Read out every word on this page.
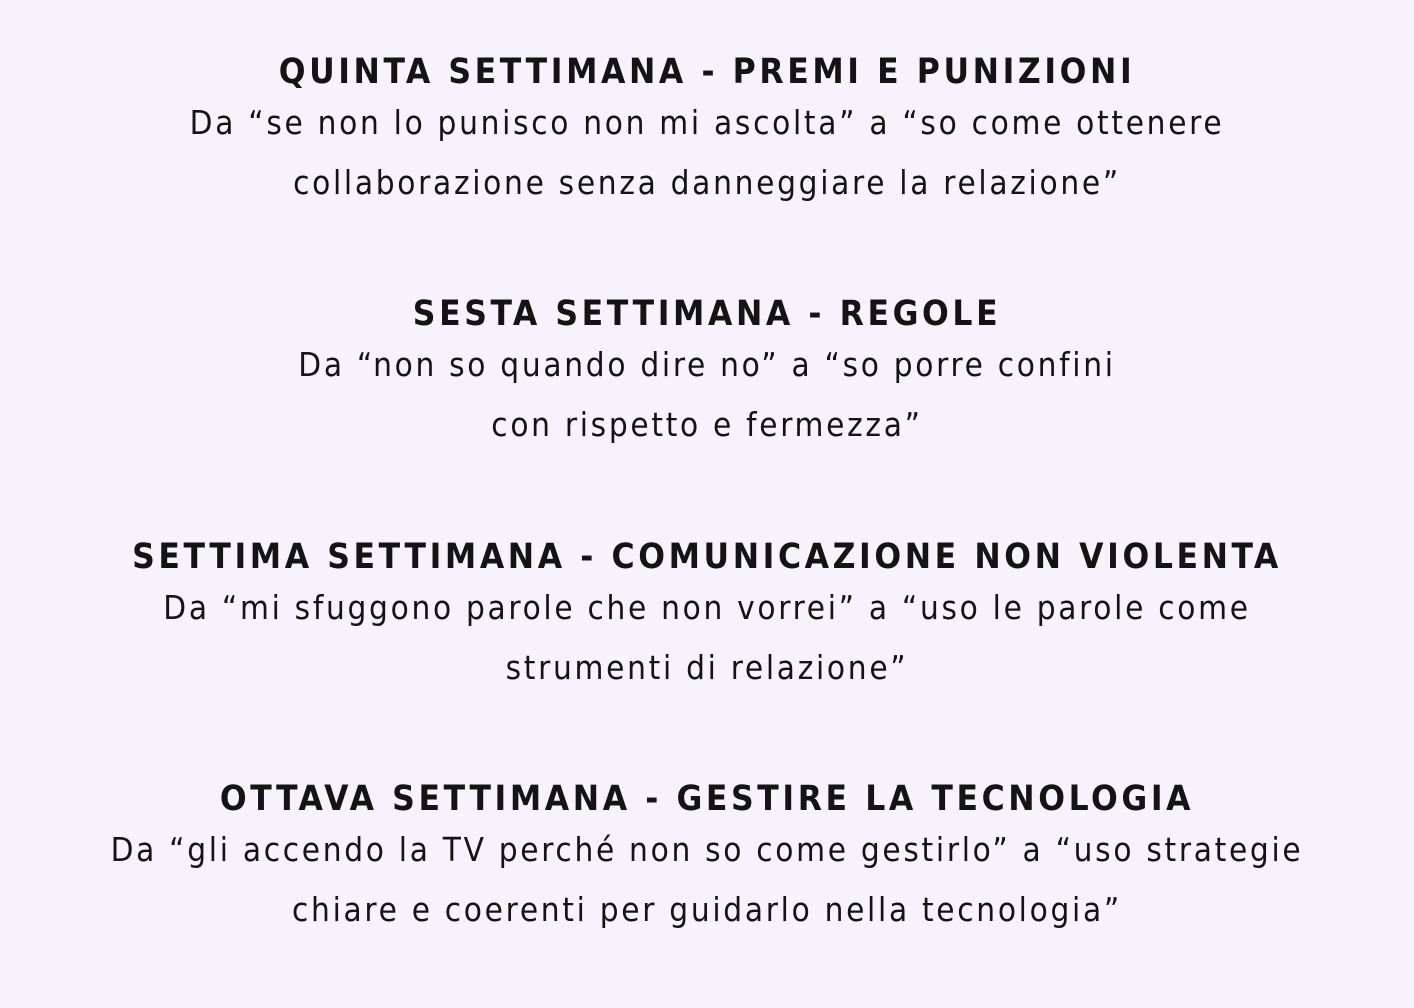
QUINTA SETTIMANA - PREMI E PUNIZIONI

Da “se non lo punisco non mi ascolta” a “so come ottenere

collaborazione senza danneggiare la relazione”

SESTA SETTIMANA - REGOLE

Da “non so quando dire no” a “so porre confini

con rispetto e fermezza”

SETTIMA SETTIMANA - COMUNICAZIONE NON VIOLENTA

Da “mi sfuggono parole che non vorrei” a “uso le parole come

strumenti di relazione”

OTTAVA SETTIMANA - GESTIRE LA TECNOLOGIA

Da “gli accendo la TV perché non so come gestirlo” a “uso strategie

chiare e coerenti per guidarlo nella tecnologia”
